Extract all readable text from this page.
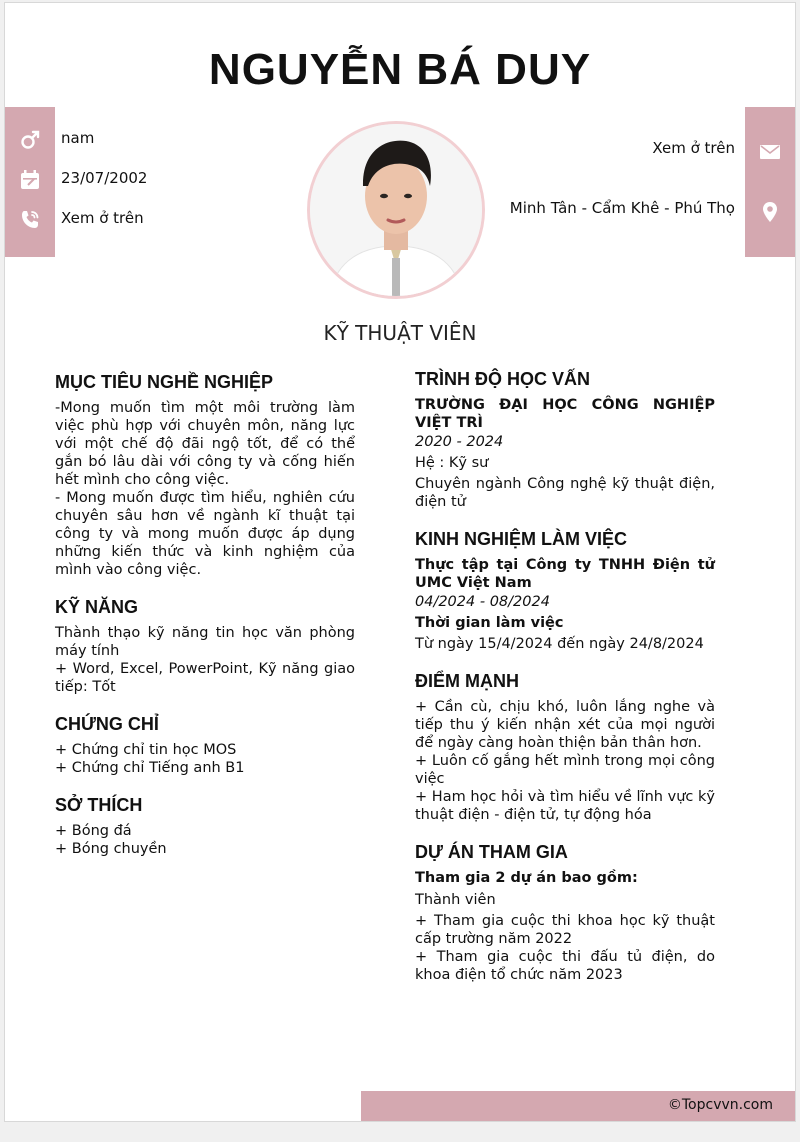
NGUYỄN BÁ DUY
nam
23/07/2002
Xem ở trên
Xem ở trên
Minh Tân - Cẩm Khê - Phú Thọ
KỸ THUẬT VIÊN
MỤC TIÊU NGHỀ NGHIỆP

-Mong muốn tìm một môi trường làm việc phù hợp với chuyên môn, năng lực với một chế độ đãi ngộ tốt, để có thể gắn bó lâu dài với công ty và cống hiến hết mình cho công việc.

- Mong muốn được tìm hiểu, nghiên cứu chuyên sâu hơn về ngành kĩ thuật tại công ty và mong muốn được áp dụng những kiến thức và kinh nghiệm của mình vào công việc.

KỸ NĂNG

Thành thạo kỹ năng tin học văn phòng máy tính

+ Word, Excel, PowerPoint, Kỹ năng giao tiếp: Tốt

CHỨNG CHỈ

+ Chứng chỉ tin học MOS

+ Chứng chỉ Tiếng anh B1

SỞ THÍCH

+ Bóng đá

+ Bóng chuyền

TRÌNH ĐỘ HỌC VẤN

TRƯỜNG ĐẠI HỌC CÔNG NGHIỆP VIỆT TRÌ

2020 - 2024

Hệ : Kỹ sư

Chuyên ngành Công nghệ kỹ thuật điện, điện tử

KINH NGHIỆM LÀM VIỆC

Thực tập tại Công ty TNHH Điện tử UMC Việt Nam

04/2024 - 08/2024

Thời gian làm việc

Từ ngày 15/4/2024 đến ngày 24/8/2024

ĐIỂM MẠNH

+ Cần cù, chịu khó, luôn lắng nghe và tiếp thu ý kiến nhận xét của mọi người để ngày càng hoàn thiện bản thân hơn.

+ Luôn cố gắng hết mình trong mọi công việc

+ Ham học hỏi và tìm hiểu về lĩnh vực kỹ thuật điện - điện tử, tự động hóa

DỰ ÁN THAM GIA

Tham gia 2 dự án bao gồm:

Thành viên

+ Tham gia cuộc thi khoa học kỹ thuật cấp trường năm 2022

+ Tham gia cuộc thi đấu tủ điện, do khoa điện tổ chức năm 2023

©Topcvvn.com
